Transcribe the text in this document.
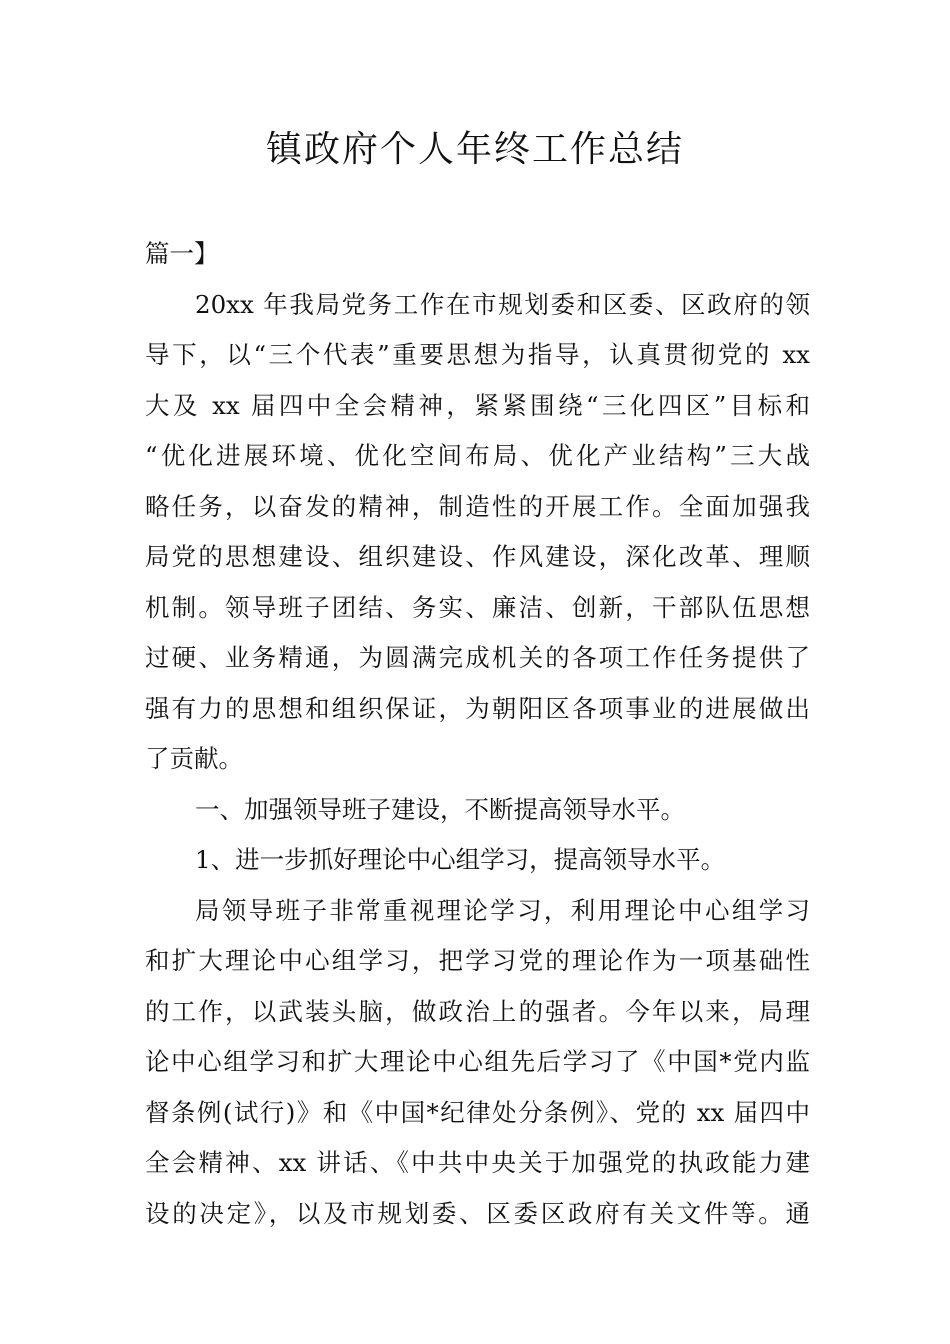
镇政府个人年终工作总结
篇一】
20xx 年我局党务工作在市规划委和区委、区政府的领
导下，以“三个代表”重要思想为指导，认真贯彻党的 xx
大及 xx 届四中全会精神，紧紧围绕“三化四区”目标和
“优化进展环境、优化空间布局、优化产业结构”三大战
略任务，以奋发的精神，制造性的开展工作。全面加强我
局党的思想建设、组织建设、作风建设，深化改革、理顺
机制。领导班子团结、务实、廉洁、创新，干部队伍思想
过硬、业务精通，为圆满完成机关的各项工作任务提供了
强有力的思想和组织保证，为朝阳区各项事业的进展做出
了贡献。
一、加强领导班子建设，不断提高领导水平。
1、进一步抓好理论中心组学习，提高领导水平。
局领导班子非常重视理论学习，利用理论中心组学习
和扩大理论中心组学习，把学习党的理论作为一项基础性
的工作，以武装头脑，做政治上的强者。今年以来，局理
论中心组学习和扩大理论中心组先后学习了《中国*党内监
督条例(试行)》和《中国*纪律处分条例》、党的 xx 届四中
全会精神、xx 讲话、《中共中央关于加强党的执政能力建
设的决定》，以及市规划委、区委区政府有关文件等。通
